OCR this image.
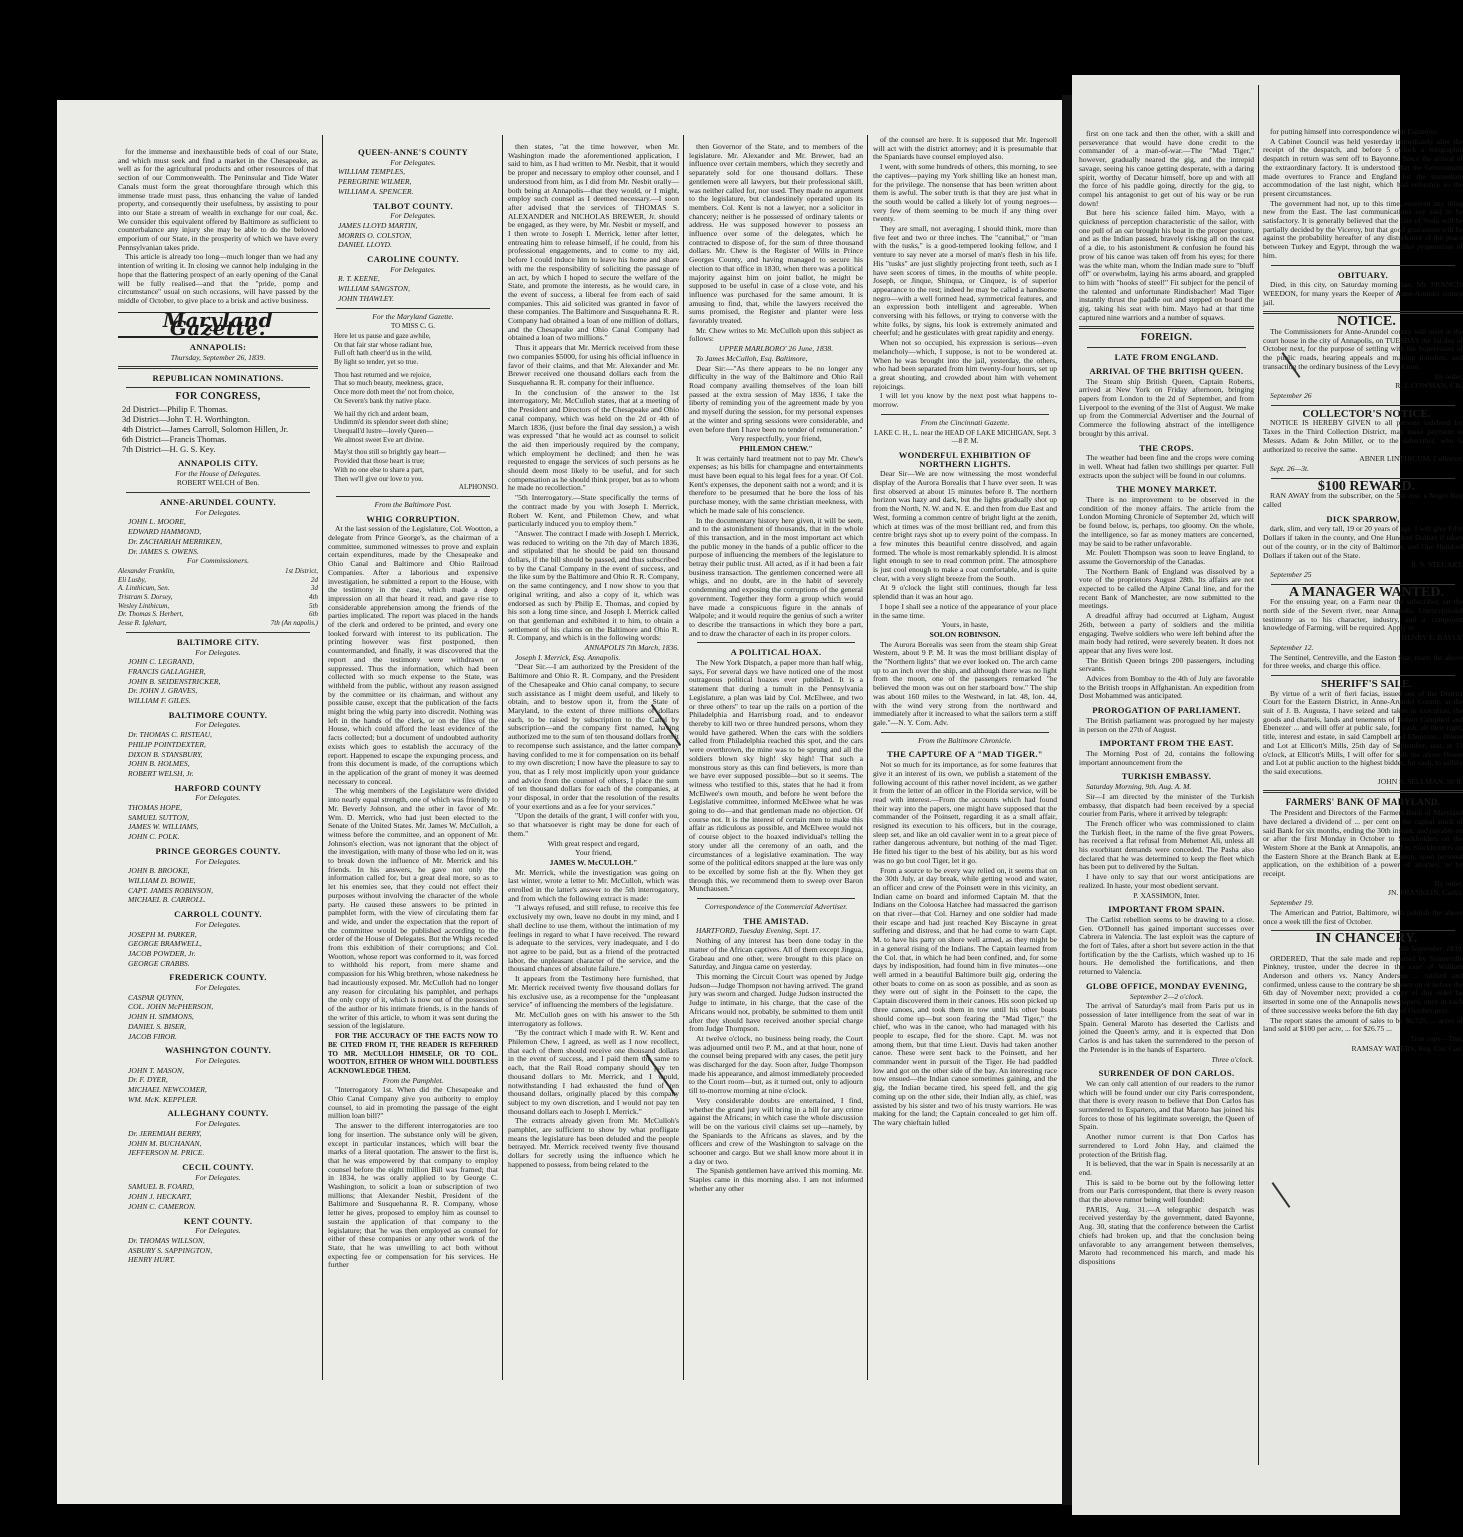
for the immense and inexhaustible beds of coal of our State, and which must seek and find a market in the Chesapeake, as well as for the agricultural products and other resources of that section of our Commonwealth. The Peninsular and Tide Water Canals must form the great thoroughfare through which this immense trade must pass, thus enhancing the value of landed property, and consequently their usefulness, by assisting to pour into our State a stream of wealth in exchange for our coal, &c. We consider this equivalent offered by Baltimore as sufficient to counterbalance any injury she may be able to do the beloved emporium of our State, in the prosperity of which we have every Pennsylvanian takes pride.

This article is already too long—much longer than we had any intention of writing it. In closing we cannot help indulging in the hope that the flattering prospect of an early opening of the Canal will be fully realised—and that the "pride, pomp and circumstance" usual on such occasions, will have passed by the middle of October, to give place to a brisk and active business.

Maryland Gazette.

ANNAPOLIS:

Thursday, September 26, 1839.

REPUBLICAN NOMINATIONS.

FOR CONGRESS,

2d District—Philip F. Thomas.
3d District—John T. H. Worthington.
4th District—James Carroll, Solomon Hillen, Jr.
6th District—Francis Thomas.
7th District—H. G. S. Key.

ANNAPOLIS CITY.

For the House of Delegates.

ROBERT WELCH of Ben.

ANNE-ARUNDEL COUNTY.

For Delegates.

JOHN L. MOORE,

EDWARD HAMMOND,

Dr. ZACHARIAH MERRIKEN,

Dr. JAMES S. OWENS.

For Commissioners.

Alexander Franklin,	1st District,
Eli Lusby,	2d
A. Linthicum, Sen.	3d
Tristram S. Dorsey,	4th
Wesley Linthicum,	5th
Dr. Thomas S. Herbert,	6th
Jesse R. Iglehart,	7th (An napolis.)

BALTIMORE CITY.

For Delegates.

JOHN C. LEGRAND,

FRANCIS GALLAGHER,

JOHN B. SEIDENSTRICKER,

Dr. JOHN J. GRAVES,

WILLIAM F. GILES.

BALTIMORE COUNTY.

For Delegates.

Dr. THOMAS C. RISTEAU,

PHILIP POINTDEXTER,

DIXON B. STANSBURY,

JOHN B. HOLMES,

ROBERT WELSH, Jr.

HARFORD COUNTY

For Delegates.

THOMAS HOPE,

SAMUEL SUTTON,

JAMES W. WILLIAMS,

JOHN C. POLK.

PRINCE GEORGES COUNTY.

For Delegates.

JOHN B. BROOKE,

WILLIAM D. BOWIE,

CAPT. JAMES ROBINSON,

MICHAEL B. CARROLL.

CARROLL COUNTY.

For Delegates.

JOSEPH M. PARKER,

GEORGE BRAMWELL,

JACOB POWDER, Jr.

GEORGE CRABBS.

FREDERICK COUNTY.

For Delegates.

CASPAR QUYNN,

COL. JOHN McPHERSON,

JOHN H. SIMMONS,

DANIEL S. BISER,

JACOB FIROR.

WASHINGTON COUNTY.

For Delegates.

JOHN T. MASON,

Dr. F. DYER,

MICHAEL NEWCOMER,

WM. McK. KEPPLER.

ALLEGHANY COUNTY.

For Delegates.

Dr. JEREMIAH BERRY,

JOHN M. BUCHANAN,

JEFFERSON M. PRICE.

CECIL COUNTY.

For Delegates.

SAMUEL B. FOARD,

JOHN J. HECKART,

JOHN C. CAMERON.

KENT COUNTY.

For Delegates.

Dr. THOMAS WILLSON,

ASBURY S. SAPPINGTON,

HENRY HURT.

QUEEN-ANNE'S COUNTY

For Delegates.

WILLIAM TEMPLES,

PEREGRINE WILMER,

WILLIAM A. SPENCER.

TALBOT COUNTY.

For Delegates.

JAMES LLOYD MARTIN,

MORRIS O. COLSTON,

DANIEL LLOYD.

CAROLINE COUNTY.

For Delegates.

R. T. KEENE,

WILLIAM SANGSTON,

JOHN THAWLEY.

For the Maryland Gazette.

TO MISS C. G.

Here let us pause and gaze awhile,
On that fair star whose radiant hue,
Full oft hath cheer'd us in the wild,
By light so tender, yet so true.
Thou hast returned and we rejoice,
That so much beauty, meekness, grace,
Once more doth meet the' not from choice,
On Severn's bank thy native place.
We hail thy rich and ardent beam,
Undimm'd its splendor sweet doth shine;
Unequall'd lustre—lovely Queen—
We almost sweet Eve art divine.
May'st thou still so brightly gay heart—
Provided that those heart is true;
With no one else to share a part,
Then we'll give our love to you.

ALPHONSO.

From the Baltimore Post.

WHIG CORRUPTION.

At the last session of the Legislature, Col. Wootton, a delegate from Prince George's, as the chairman of a committee, summoned witnesses to prove and explain certain expenditures, made by the Chesapeake and Ohio Canal and Baltimore and Ohio Railroad Companies. After a laborious and expensive investigation, he submitted a report to the House, with the testimony in the case, which made a deep impression on all that heard it read, and gave rise to considerable apprehension among the friends of the parties implicated. The report was placed in the hands of the clerk and ordered to be printed, and every one looked forward with interest to its publication. The printing however was first postponed, then countermanded, and finally, it was discovered that the report and the testimony were withdrawn or suppressed. Thus the information, which had been collected with so much expense to the State, was withheld from the public, without any reason assigned by the committee or its chairman, and without any possible cause, except that the publication of the facts might bring the whig party into discredit. Nothing was left in the hands of the clerk, or on the files of the House, which could afford the least evidence of the facts collected; but a document of undoubted authority exists which goes to establish the accuracy of the report. Happened to escape the expunging process, and from this document is made, of the corruptions which in the application of the grant of money it was deemed necessary to conceal.

The whig members of the Legislature were divided into nearly equal strength, one of which was friendly to Mr. Beverly Johnson, and the other in favor of Mr. Wm. D. Merrick, who had just been elected to the Senate of the United States. Mr. James W. McCulloh, a witness before the committee, and an opponent of Mr. Johnson's election, was not ignorant that the object of the investigation, with many of those who led on it, was to break down the influence of Mr. Merrick and his friends. In his answers, he gave not only the information called for, but a great deal more, so as to let his enemies see, that they could not effect their purposes without involving the character of the whole party. He caused these answers to be printed in pamphlet form, with the view of circulating them far and wide, and under the expectation that the report of the committee would be published according to the order of the House of Delegates. But the Whigs receded from this exhibition of their corruptions; and Col. Wootton, whose report was conformed to it, was forced to withhold his report, from mere shame and compassion for his Whig brethren, whose nakedness he had incautiously exposed. Mr. McCulloh had no longer any reason for circulating his pamphlet, and perhaps the only copy of it, which is now out of the possession of the author or his intimate friends, is in the hands of the writer of this article, to whom it was sent during the session of the legislature.

FOR THE ACCURACY OF THE FACTS NOW TO BE CITED FROM IT, THE READER IS REFERRED TO MR. McCULLOH HIMSELF, OR TO COL. WOOTTON, EITHER OF WHOM WILL DOUBTLESS ACKNOWLEDGE THEM.

From the Pamphlet.

"Interrogatory 1st. When did the Chesapeake and Ohio Canal Company give you authority to employ counsel, to aid in promoting the passage of the eight million loan bill?"

The answer to the different interrogatories are too long for insertion. The substance only will be given, except in particular instances, which will bear the marks of a literal quotation. The answer to the first is, that he was empowered by that company to employ counsel before the eight million Bill was framed; that in 1834, he was orally applied to by George C. Washington, to solicit a loan or subscription of two millions; that Alexander Nesbit, President of the Baltimore and Susquehanna R. R. Company, whose letter he gives, proposed to employ him as counsel to sustain the application of that company to the legislature; that 'he was then employed as counsel for either of these companies or any other work of the State, that he was unwilling to act both without expecting fee or compensation for his services. He further

then states, "at the time however, when Mr. Washington made the aforementioned application, I said to him, as I had written to Mr. Nesbit, that it would be proper and necessary to employ other counsel, and I understood from him, as I did from Mr. Nesbit orally—both being at Annapolis—that they would, or I might, employ such counsel as I deemed necessary.—I soon after advised that the services of THOMAS S. ALEXANDER and NICHOLAS BREWER, Jr. should be engaged, as they were, by Mr. Nesbit or myself, and I then wrote to Joseph I. Merrick, letter after letter, entreating him to release himself, if he could, from his professional engagements, and to come to my aid, before I could induce him to leave his home and share with me the responsibility of soliciting the passage of an act, by which I hoped to secure the welfare of the State, and promote the interests, as he would care, in the event of success, a liberal fee from each of said companies. This aid solicited was granted in favor of these companies. The Baltimore and Susquehanna R. R. Company had obtained a loan of one million of dollars, and the Chesapeake and Ohio Canal Company had obtained a loan of two millions."

Thus it appears that Mr. Merrick received from these two companies $5000, for using his official influence in favor of their claims, and that Mr. Alexander and Mr. Brewer received one thousand dollars each from the Susquehanna R. R. company for their influence.

In the conclusion of the answer to the 1st interrogatory, Mr. McCulloh states, that at a meeting of the President and Directors of the Chesapeake and Ohio canal company, which was held on the 2d or 4th of March 1836, (just before the final day session,) a wish was expressed "that he would act as counsel to solicit the aid then imperiously required by the company, which employment he declined; and then he was requested to engage the services of such persons as he should deem most likely to be useful, and for such compensation as he should think proper, but as to whom he made no recollection."

"5th Interrogatory.—State specifically the terms of the contract made by you with Joseph I. Merrick, Robert W. Kent, and Philemon Chew, and what particularly induced you to employ them."

"Answer. The contract I made with Joseph I. Merrick, was reduced to writing on the 7th day of March 1836, and stipulated that he should be paid ten thousand dollars, if the bill should be passed, and thus subscribed to by the Canal Company in the event of success, and the like sum by the Baltimore and Ohio R. R. Company, on the same contingency, and I now show to you that original writing, and also a copy of it, which was endorsed as such by Philip E. Thomas, and copied by his son a long time since, and Joseph I. Merrick called on that gentleman and exhibited it to him, to obtain a settlement of his claims on the Baltimore and Ohio R. R. Company, and which is in the following words:

ANNAPOLIS 7th March, 1836.

Joseph I. Merrick, Esq. Annapolis.

"Dear Sir.—I am authorized by the President of the Baltimore and Ohio R. R. Company, and the President of the Chesapeake and Ohio canal company, to secure such assistance as I might deem useful, and likely to obtain, and to bestow upon it, from the State of Maryland, to the extent of three millions of dollars each, to be raised by subscription to the Canal by subscription—and the company first named, having authorized me to the sum of ten thousand dollars from it to recompense such assistance, and the latter company having confided to me it for compensation on its behalf to my own discretion; I now have the pleasure to say to you, that as I rely most implicitly upon your guidance and advice from the counsel of others, I place the sum of ten thousand dollars for each of the companies, at your disposal, in order that the resolution of the results of your exertions and as a fee for your services."

"Upon the details of the grant, I will confer with you, so that whatsoever is right may be done for each of them."

With great respect and regard,

Your friend,

JAMES W. McCULLOH."

Mr. Merrick, while the investigation was going on last winter, wrote a letter to Mr. McCulloh, which was enrolled in the latter's answer to the 5th interrogatory, and from which the following extract is made:

"I always refused, and still refuse, to receive this fee exclusively my own, leave no doubt in my mind, and I shall decline to use them, without the intimation of my feelings in regard to what I have received. The reward is adequate to the services, very inadequate, and I do not agree to be paid, but as a friend of the protracted labor, the unpleasant character of the service, and the thousand chances of absolute failure."

It appears from the Testimony here furnished, that Mr. Merrick received twenty five thousand dollars for his exclusive use, as a recompense for the "unpleasant service" of influencing the members of the legislature.

Mr. McCulloh goes on with his answer to the 5th interrogatory as follows.

"By the contract which I made with R. W. Kent and Philemon Chew, I agreed, as well as I now recollect, that each of them should receive one thousand dollars in the event of success, and I paid them the same to each, that the Rail Road company should pay ten thousand dollars to Mr. Merrick, and I would, notwithstanding I had exhausted the fund of ten thousand dollars, originally placed by this company subject to my own discretion, and I would not pay ten thousand dollars each to Joseph I. Merrick."

The extracts already given from Mr. McCulloh's pamphlet, are sufficient to show by what profligate means the legislature has been deluded and the people betrayed. Mr. Merrick received twenty five thousand dollars for secretly using the influence which he happened to possess, from being related to the

then Governor of the State, and to members of the legislature. Mr. Alexander and Mr. Brewer, had an influence over certain members, which they secretly and separately sold for one thousand dollars. These gentlemen were all lawyers, but their professional skill, was neither called for, nor used. They made no argument to the legislature, but clandestinely operated upon its members. Col. Kent is not a lawyer, nor a solicitor in chancery; neither is he possessed of ordinary talents or address. He was supposed however to possess an influence over some of the delegates, which he contracted to dispose of, for the sum of three thousand dollars. Mr. Chew is the Register of Wills in Prince Georges County, and having managed to secure his election to that office in 1830, when there was a political majority against him on joint ballot, he might be supposed to be useful in case of a close vote, and his influence was purchased for the same amount. It is amusing to find, that, while the lawyers received the sums promised, the Register and planter were less favorably treated.

Mr. Chew writes to Mr. McCulloh upon this subject as follows:

UPPER MARLBORO' 26 June, 1838.

To James McCulloh, Esq. Baltimore,

Dear Sir:—"As there appears to be no longer any difficulty in the way of the Baltimore and Ohio Rail Road company availing themselves of the loan bill passed at the extra session of May 1836, I take the liberty of reminding you of the agreement made by you and myself during the session, for my personal expenses at the winter and spring sessions were considerable, and even before then I have been no tender of remuneration."

Very respectfully, your friend,

PHILEMON CHEW."

It was certainly hard treatment not to pay Mr. Chew's expenses; as his bills for champagne and entertainments must have been equal to his legal fees for a year. Of Col. Kent's expenses, the deponent saith not a word; and it is therefore to be presumed that he bore the loss of his purchase money, with the same christian meekness, with which he made sale of his conscience.

In the documentary history here given, it will be seen, and to the astonishment of thousands, that in the whole of this transaction, and in the most important act which the public money in the hands of a public officer to the purpose of influencing the members of the legislature to betray their public trust. All acted, as if it had been a fair business transaction. The gentlemen concerned were all whigs, and no doubt, are in the habit of severely condemning and exposing the corruptions of the general government. Together they form a group which would have made a conspicuous figure in the annals of Walpole; and it would require the genius of such a writer to describe the transactions in which they bore a part, and to draw the character of each in its proper colors.

A POLITICAL HOAX.

The New York Dispatch, a paper more than half whig, says, For several days we have noticed one of the most outrageous political hoaxes ever published. It is a statement that during a tumult in the Pennsylvania Legislature, a plan was laid by Col. McElwee, and two or three others" to tear up the rails on a portion of the Philadelphia and Harrisburg road, and to endeavor thereby to kill two or three hundred persons, whom they would have gathered. When the cars with the soldiers called from Philadelphia reached this spot, and the cars were overthrown, the mine was to be sprung and all the soldiers blown sky high! sky high! That such a monstrous story as this can find believers, is more than we have ever supposed possible—but so it seems. The witness who testified to this, states that he had it from McElwee's own mouth, and before he went before the Legislative committee, informed McElwee what he was going to do—and that gentleman made no objection. Of course not. It is the interest of certain men to make this affair as ridiculous as possible, and McElwee would not of course object to the hoaxed individual's telling the story under all the ceremony of an oath, and the circumstances of a legislative examination. The way some of the political editors snapped at the lure was only to be excelled by some fish at the fly. When they get through this, we recommend them to sweep over Baron Munchausen."

Correspondence of the Commercial Advertiser.

THE AMISTAD.

HARTFORD, Tuesday Evening, Sept. 17.

Nothing of any interest has been done today in the matter of the African captives. All of them except Jingua, Grabeau and one other, were brought to this place on Saturday, and Jingua came on yesterday.

This morning the Circuit Court was opened by Judge Judson—Judge Thompson not having arrived. The grand jury was sworn and charged. Judge Judson instructed the Judge to intimate, in his charge, that the case of the Africans would not, probably, be submitted to them until after they should have received another special charge from Judge Thompson.

At twelve o'clock, no business being ready, the Court was adjourned until two P. M., and at that hour, none of the counsel being prepared with any cases, the petit jury was discharged for the day. Soon after, Judge Thompson made his appearance, and almost immediately proceeded to the Court room—but, as it turned out, only to adjourn till to-morrow morning at nine o'clock.

Very considerable doubts are entertained, I find, whether the grand jury will bring in a bill for any crime against the Africans; in which case the whole discussion will be on the various civil claims set up—namely, by the Spaniards to the Africans as slaves, and by the officers and crew of the Washington to salvage on the schooner and cargo. But we shall know more about it in a day or two.

The Spanish gentlemen have arrived this morning. Mr. Staples came in this morning also. I am not informed whether any other

of the counsel are here. It is supposed that Mr. Ingersoll will act with the district attorney; and it is presumable that the Spaniards have counsel employed also.

I went, with some hundreds of others, this morning, to see the captives—paying my York shilling like an honest man, for the privilege. The nonsense that has been written about them is awful. The sober truth is that they are just what in the south would be called a likely lot of young negroes—very few of them seeming to be much if any thing over twenty.

They are small, not averaging, I should think, more than five feet and two or three inches. The "cannibal," or "man with the tusks," is a good-tempered looking fellow, and I venture to say never ate a morsel of man's flesh in his life. His "tusks" are just slightly projecting front teeth, such as I have seen scores of times, in the mouths of white people. Joseph, or Jinque, Shinqua, or Cinquez, is of superior appearance to the rest; indeed he may be called a handsome negro—with a well formed head, symmetrical features, and an expression both intelligent and agreeable. When conversing with his fellows, or trying to converse with the white folks, by signs, his look is extremely animated and cheerful; and he gesticulates with great rapidity and energy.

When not so occupied, his expression is serious—even melancholy—which, I suppose, is not to be wondered at. When he was brought into the jail, yesterday, the others, who had been separated from him twenty-four hours, set up a great shouting, and crowded about him with vehement rejoicings.

I will let you know by the next post what happens to-morrow.

From the Cincinnati Gazette.

LAKE C. H., L. near the HEAD OF LAKE MICHIGAN, Sept. 3—8 P. M.

WONDERFUL EXHIBITION OF NORTHERN LIGHTS.

Dear Sir—We are now witnessing the most wonderful display of the Aurora Borealis that I have ever seen. It was first observed at about 15 minutes before 8. The northern horizon was hazy and dark, but the lights gradually shot up from the North, N. W. and N. E. and then from due East and West, forming a common centre of bright light at the zenith, which at times was of the most brilliant red, and from this centre bright rays shot up to every point of the compass. In a few minutes this beautiful centre dissolved, and again formed. The whole is most remarkably splendid. It is almost light enough to see to read common print. The atmosphere is just cool enough to make a coat comfortable, and is quite clear, with a very slight breeze from the South.

At 9 o'clock the light still continues, though far less splendid than it was an hour ago.

I hope I shall see a notice of the appearance of your place in the same time.

Yours, in haste,

SOLON ROBINSON.

The Aurora Borealis was seen from the steam ship Great Western, about 9 P. M. It was the most brilliant display of the "Northern lights" that we ever looked on. The arch came up to an inch over the ship, and although there was no light from the moon, one of the passengers remarked "he believed the moon was out on her starboard bow." The ship was about 160 miles to the Westward, in lat. 48, lon. 44, with the wind very strong from the northward and immediately after it increased to what the sailors term a stiff gale."—N. Y. Com. Adv.

From the Baltimore Chronicle.

THE CAPTURE OF A "MAD TIGER."

Not so much for its importance, as for some features that give it an interest of its own, we publish a statement of the following account of this rather novel incident, as we gather it from the letter of an officer in the Florida service, will be read with interest.—From the accounts which had found their way into the papers, one might have supposed that the commander of the Poinsett, regarding it as a small affair, resigned its execution to his officers, but in the courage, sleep set, and like an old cavalier went in to a great piece of rather dangerous adventure, but nothing of the mad Tiger. He fitted his tiger to the best of his ability, but as his word was no go but cool Tiger, let it go.

From a source to be every way relied on, it seems that on the 30th July, at day break, while getting wood and water, an officer and crew of the Poinsett were in this vicinity, an Indian came on board and informed Captain M. that the Indians on the Coloosa Hatchee had massacred the garrison on that river—that Col. Harney and one soldier had made their escape and had just reached Key Biscayne in great suffering and distress, and that he had come to warn Capt. M. to have his party on shore well armed, as they might be in a general rising of the Indians. The Captain learned from the Col. that, in which he had been confined, and, for some days by indisposition, had found him in five minutes—one well armed in a beautiful Baltimore built gig, ordering the other boats to come on as soon as possible, and as soon as they were out of sight in the Poinsett to the cape, the Captain discovered them in their canoes. His soon picked up three canoes, and took them in tow until his other boats should come up—but soon fearing the "Mad Tiger," the chief, who was in the canoe, who had managed with his people to escape, fled for the shore. Capt. M. was not among them, but that time Lieut. Davis had taken another canoe. These were sent back to the Poinsett, and her commander went in pursuit of the Tiger. He had paddled low and got on the other side of the bay. An interesting race now ensued—the Indian canoe sometimes gaining, and the gig, the Indian became tired, his speed fell, and the gig coming up on the other side, their Indian ally, as chief, was assisted by his sister and two of his trusty warriors. He was making for the land; the Captain concealed to get him off. The wary chieftain lulled

first on one tack and then the other, with a skill and perseverance that would have done credit to the commander of a man-of-war.—The "Mad Tiger," however, gradually neared the gig, and the intrepid savage, seeing his canoe getting desperate, with a daring spirit, worthy of Decatur himself, bore up and with all the force of his paddle going, directly for the gig, to compel his antagonist to get out of his way or be run down!

But here his science failed him. Mayo, with a quickness of perception characteristic of the sailor, with one pull of an oar brought his boat in the proper posture, and as the Indian passed, bravely risking all on the cast of a die, to his astonishment & confusion he found his prow of his canoe was taken off from his eyes; for there was the white man, whom the Indian made sure to "bluff off" or overwhelm, laying his arms aboard, and grappled to him with "hooks of steel!" Fit subject for the pencil of the talented and unfortunate Rindisbacher! Mad Tiger instantly thrust the paddle out and stepped on board the gig, taking his seat with him. Mayo had at that time captured nine warriors and a number of squaws.

FOREIGN.

LATE FROM ENGLAND.

ARRIVAL OF THE BRITISH QUEEN.

The Steam ship British Queen, Captain Roberts, arrived at New York on Friday afternoon, bringing papers from London to the 2d of September, and from Liverpool to the evening of the 31st of August. We make up from the Commercial Advertiser and the Journal of Commerce the following abstract of the intelligence brought by this arrival.

THE CROPS.

The weather had been fine and the crops were coming in well. Wheat had fallen two shillings per quarter. Full extracts upon the subject will be found in our columns.

THE MONEY MARKET.

There is no improvement to be observed in the condition of the money affairs. The article from the London Morning Chronicle of September 2d, which will be found below, is, perhaps, too gloomy. On the whole, the intelligence, so far as money matters are concerned, may be said to be rather unfavorable.

Mr. Poulett Thompson was soon to leave England, to assume the Governorship of the Canadas.

The Northern Bank of England was dissolved by a vote of the proprietors August 28th. Its affairs are not expected to be called the Alpine Canal line, and for the recent Bank of Manchester, are now submitted to the meetings.

A dreadful affray had occurred at Ligham, August 26th, between a party of soldiers and the militia engaging. Twelve soldiers who were left behind after the main body had retired, were severely beaten. It does not appear that any lives were lost.

The British Queen brings 200 passengers, including servants.

Advices from Bombay to the 4th of July are favorable to the British troops in Affghanistan. An expedition from Dost Mohammed was anticipated.

PROROGATION OF PARLIAMENT.

The British parliament was prorogued by her majesty in person on the 27th of August.

IMPORTANT FROM THE EAST.

The Morning Post of 2d, contains the following important announcement from the

TURKISH EMBASSY.

Saturday Morning, 9th. Aug. A. M.

Sir—I am directed by the minister of the Turkish embassy, that dispatch had been received by a special courier from Paris, where it arrived by telegraph:

The French officer who was commissioned to claim the Turkish fleet, in the name of the five great Powers, has received a flat refusal from Mehemet Ali, unless all his exorbitant demands were conceded. The Pasha also declared that he was determined to keep the fleet which has been put to delivered by the Sultan.

I have only to say that our worst anticipations are realized. In haste, your most obedient servant.

P. XASSIMON, Inter.

IMPORTANT FROM SPAIN.

The Carlist rebellion seems to be drawing to a close. Gen. O'Donnell has gained important successes over Cabrera in Valencia. The last exploit was the capture of the fort of Tales, after a short but severe action in the that fortification by the the Carlists, which washed up to 16 hours. He demolished the fortifications, and then returned to Valencia.

GLOBE OFFICE, MONDAY EVENING,

September 2—2 o'clock.

The arrival of Saturday's mail from Paris put us in possession of later intelligence from the seat of war in Spain. General Maroto has deserted the Carlists and joined the Queen's army, and it is expected that Don Carlos is and has taken the surrendered to the person of the Pretender is in the hands of Espartero.

Three o'clock.

SURRENDER OF DON CARLOS.

We can only call attention of our readers to the rumor which will be found under our city Paris correspondent, that there is every reason to believe that Don Carlos has surrendered to Espartero, and that Maroto has joined his forces to those of his legitimate sovereign, the Queen of Spain.

Another rumor current is that Don Carlos has surrendered to Lord John Hay, and claimed the protection of the British flag.

It is believed, that the war in Spain is necessarily at an end.

This is said to be borne out by the following letter from our Paris correspondent, that there is every reason that the above rumor being well founded:

PARIS, Aug. 31.—A telegraphic despatch was received yesterday by the government, dated Bayonne, Aug. 30, stating that the conference between the Carlist chiefs had broken up, and that the conclusion being unfavorable to any arrangement between themselves, Maroto had recommenced his march, and made his dispositions

for putting himself into correspondence with Espartero.

A Cabinet Council was held yesterday immediately after the receipt of the despatch, and before 5 o'clock a telegraphic despatch in return was sent off to Bayonne. Since the arrival of the extraordinary factory. It is understood that the Government made overtures to France and England for the immediate accommodation of the last night, which had reference to the present circumstances.

The government had not, up to this time, received any thing new from the East. The last communications say said to be satisfactory. It is generally believed that the fate of Syria will be partially decided by the Viceroy, but that good guarantees will be against the probability hereafter of any disturbance of the peace between Turkey and Egypt, through the warlike propensities of him.

OBITUARY.

Died, in this city, on Saturday morning last, Mr. FRANCIS WEEDON, for many years the Keeper of Anne-Arundel county jail.

NOTICE.

The Commissioners for Anne-Arundel county will meet at the court house in the city of Annapolis, on TUESDAY the 1st day of October next, for the purpose of settling with the Supervisors of the public roads, hearing appeals and making transfers, and transacting the ordinary business of the Levy Court.

By order,

R. J. COWMAN, Clk.

September 26

COLLECTOR'S NOTICE.

NOTICE IS HEREBY GIVEN to all persons indebted for Taxes in the Third Collection District, may make payment to Messrs. Adam & John Miller, or to the subscriber, who is authorized to receive the same.

ABNER LINTHICUM, Collector.

Sept. 26—3t.

$100 REWARD.

RAN AWAY from the subscriber, on the 5th inst. a Negro Boy called

DICK SPARROW,

dark, slim, and very tall, 19 or 20 years of age. I will give Fifty Dollars if taken in the county, and One Hundred Dollars if taken out of the county, or in the city of Baltimore, and One Hundred Dollars if taken out of the State.

R. S. STEUART.

September 25

A MANAGER WANTED.

For the ensuing year, on a Farm near the subscriber, on the north side of the Severn river, near Annapolis. Unexceptional testimony as to his character, industry, and a competent knowledge of Farming, will be required. Apply to

HENRY E. BAYLY.

September 12.

The Sentinel, Centreville, and the Easton Star, insert the above for three weeks, and charge this office.

SHERIFF'S SALE.

By virtue of a writ of fieri facias, issued out of the District Court for the Eastern District, in Anne-Arundel County, at the suit of J. B. Augusta, I have seized and taken in execution, the goods and chattels, lands and tenements of Robert Campbell and Ebenezer ... and will offer at public sale, for cash, all their right, title, interest and estate, in said Campbell and Ebenezer... House and Lot at Ellicott's Mills, 25th day of September, inst. at 11 o'clock, at Ellicott's Mills, I will offer for sale the above House and Lot at public auction to the highest bidder, for cash, to satisfy the said executions.

JOHN S. SELLMAN, Sh'ff.

FARMERS' BANK OF MARYLAND.

The President and Directors of the Farmers Bank of Maryland have declared a dividend of ... per cent on the capital stock of said Bank for six months, ending the 30th instant, and payable on or after the first Monday in October to Stockholders on the Western Shore at the Bank at Annapolis, and to Stockholders on the Eastern Shore at the Branch Bank at Easton, upon personal application, on the exhibition of a power of attorney, or by receipt.

By order,

JN. FRANKLIN, Cash'r.

September 19.

The American and Patriot, Baltimore, will publish the above once a week till the first of October.

IN CHANCERY.

6th September, 1839.

ORDERED, That the sale made and reported by Somerville Pinkney, trustee, under the decree in the case of William Anderson and others vs. Nancy Anderson ... ratified and confirmed, unless cause to the contrary be shown on or before the 6th day of November next; provided a copy of this order be inserted in some one of the Annapolis newspapers, once in each of three successive weeks before the 6th day of October next.

The report states the amount of sales to be $6,725, ... acres of land sold at $100 per acre, ... for $26.75 ...

True copy—Test,

RAMSAY WATERS, Reg. Cur. Can.
